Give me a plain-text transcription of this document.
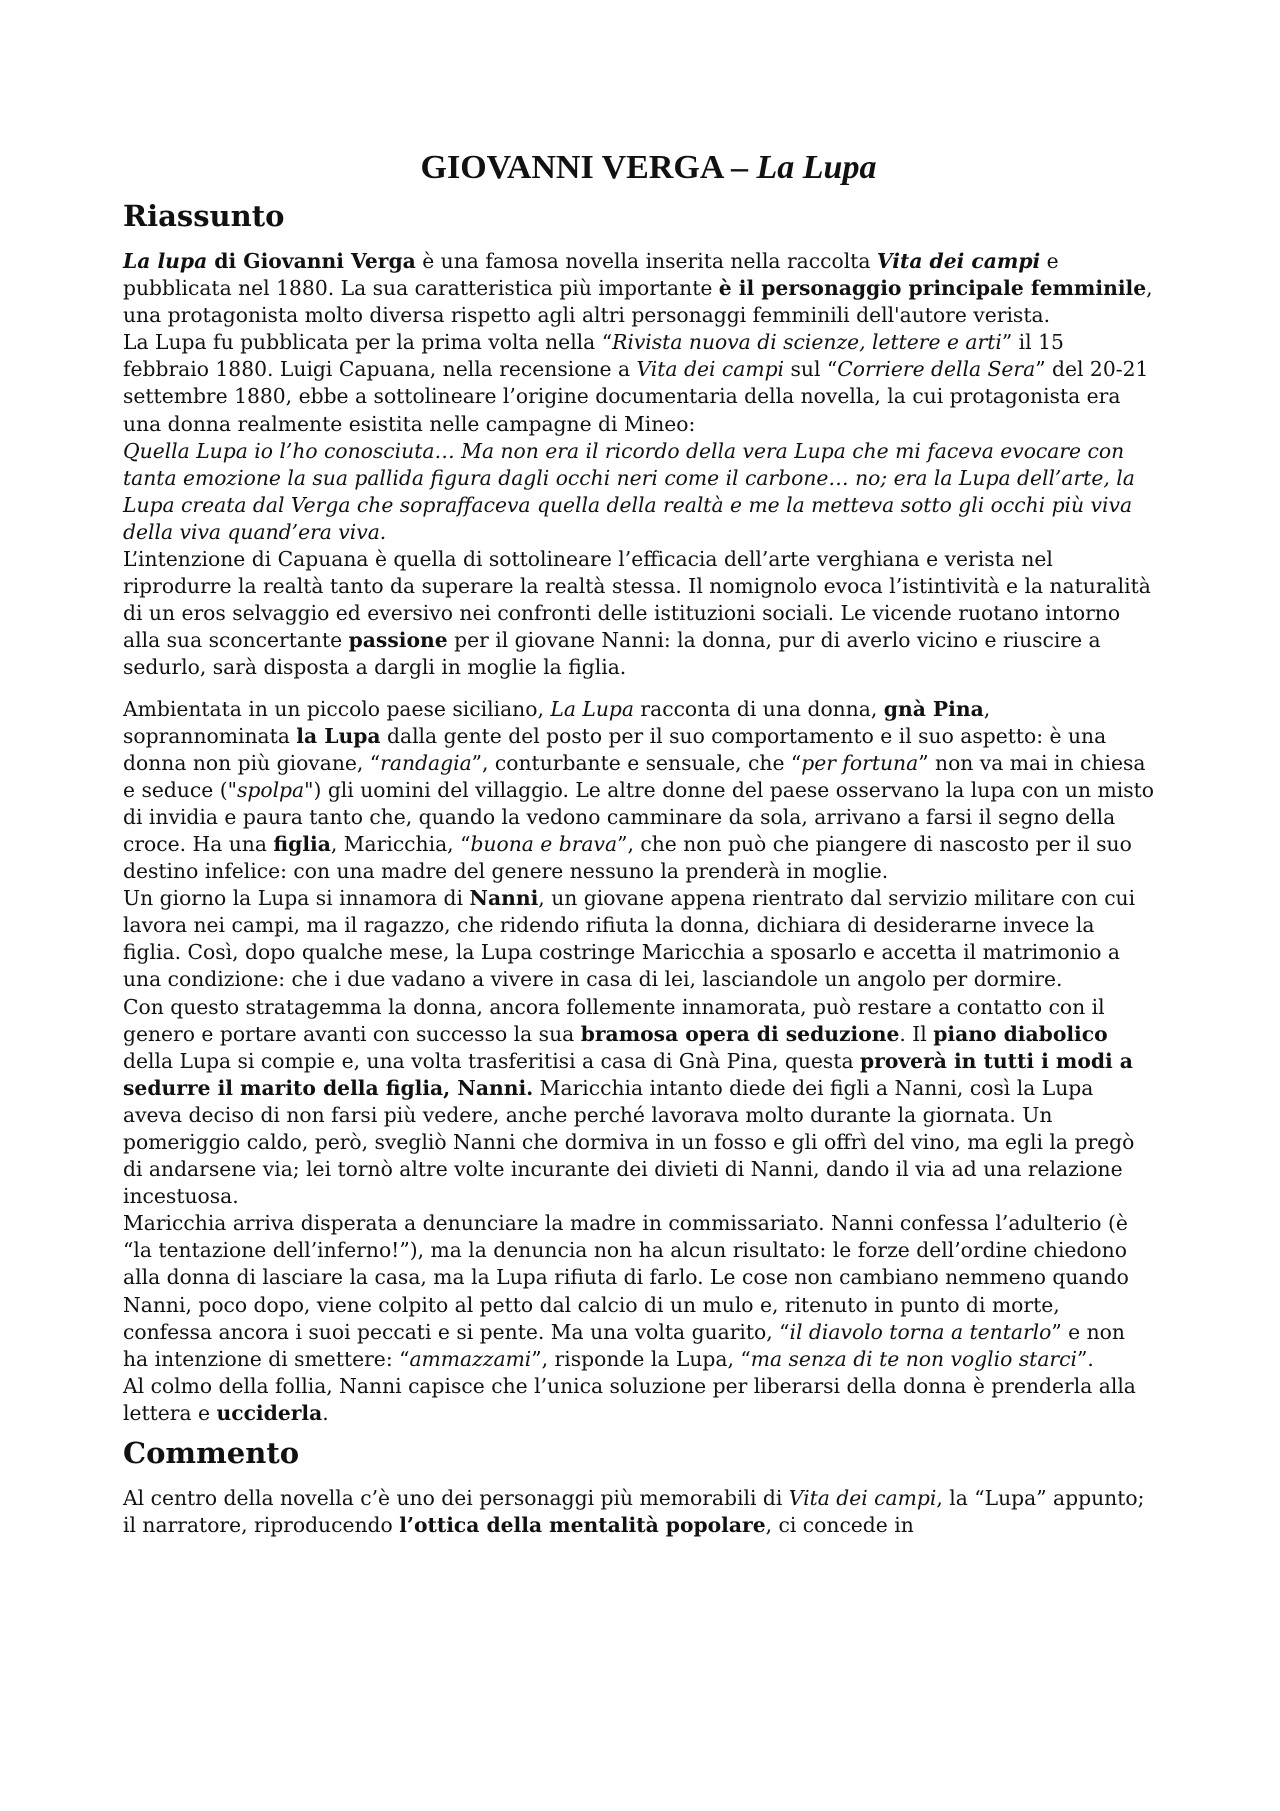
GIOVANNI VERGA – La Lupa
Riassunto

La lupa di Giovanni Verga è una famosa novella inserita nella raccolta Vita dei campi e pubblicata nel 1880. La sua caratteristica più importante è il personaggio principale femminile, una protagonista molto diversa rispetto agli altri personaggi femminili dell'autore verista.

La Lupa fu pubblicata per la prima volta nella “Rivista nuova di scienze, lettere e arti” il 15 febbraio 1880. Luigi Capuana, nella recensione a Vita dei campi sul “Corriere della Sera” del 20-21 settembre 1880, ebbe a sottolineare l’origine documentaria della novella, la cui protagonista era una donna realmente esistita nelle campagne di Mineo:

Quella Lupa io l’ho conosciuta… Ma non era il ricordo della vera Lupa che mi faceva evocare con tanta emozione la sua pallida figura dagli occhi neri come il carbone… no; era la Lupa dell’arte, la Lupa creata dal Verga che sopraffaceva quella della realtà e me la metteva sotto gli occhi più viva della viva quand’era viva.

L’intenzione di Capuana è quella di sottolineare l’efficacia dell’arte verghiana e verista nel riprodurre la realtà tanto da superare la realtà stessa. Il nomignolo evoca l’istintività e la naturalità di un eros selvaggio ed eversivo nei confronti delle istituzioni sociali. Le vicende ruotano intorno alla sua sconcertante passione per il giovane Nanni: la donna, pur di averlo vicino e riuscire a sedurlo, sarà disposta a dargli in moglie la figlia.

Ambientata in un piccolo paese siciliano, La Lupa racconta di una donna, gnà Pina, soprannominata la Lupa dalla gente del posto per il suo comportamento e il suo aspetto: è una donna non più giovane, “randagia”, conturbante e sensuale, che “per fortuna” non va mai in chiesa e seduce ("spolpa") gli uomini del villaggio. Le altre donne del paese osservano la lupa con un misto di invidia e paura tanto che, quando la vedono camminare da sola, arrivano a farsi il segno della croce. Ha una figlia, Maricchia, “buona e brava”, che non può che piangere di nascosto per il suo destino infelice: con una madre del genere nessuno la prenderà in moglie.

Un giorno la Lupa si innamora di Nanni, un giovane appena rientrato dal servizio militare con cui lavora nei campi, ma il ragazzo, che ridendo rifiuta la donna, dichiara di desiderarne invece la figlia. Così, dopo qualche mese, la Lupa costringe Maricchia a sposarlo e accetta il matrimonio a una condizione: che i due vadano a vivere in casa di lei, lasciandole un angolo per dormire.

Con questo stratagemma la donna, ancora follemente innamorata, può restare a contatto con il genero e portare avanti con successo la sua bramosa opera di seduzione. Il piano diabolico della Lupa si compie e, una volta trasferitisi a casa di Gnà Pina, questa proverà in tutti i modi a sedurre il marito della figlia, Nanni. Maricchia intanto diede dei figli a Nanni, così la Lupa aveva deciso di non farsi più vedere, anche perché lavorava molto durante la giornata. Un pomeriggio caldo, però, svegliò Nanni che dormiva in un fosso e gli offrì del vino, ma egli la pregò di andarsene via; lei tornò altre volte incurante dei divieti di Nanni, dando il via ad una relazione incestuosa.

Maricchia arriva disperata a denunciare la madre in commissariato. Nanni confessa l’adulterio (è “la tentazione dell’inferno!”), ma la denuncia non ha alcun risultato: le forze dell’ordine chiedono alla donna di lasciare la casa, ma la Lupa rifiuta di farlo. Le cose non cambiano nemmeno quando Nanni, poco dopo, viene colpito al petto dal calcio di un mulo e, ritenuto in punto di morte, confessa ancora i suoi peccati e si pente. Ma una volta guarito, “il diavolo torna a tentarlo” e non ha intenzione di smettere: “ammazzami”, risponde la Lupa, “ma senza di te non voglio starci”.

Al colmo della follia, Nanni capisce che l’unica soluzione per liberarsi della donna è prenderla alla lettera e ucciderla.

Commento

Al centro della novella c’è uno dei personaggi più memorabili di Vita dei campi, la “Lupa” appunto; il narratore, riproducendo l’ottica della mentalità popolare, ci concede in
